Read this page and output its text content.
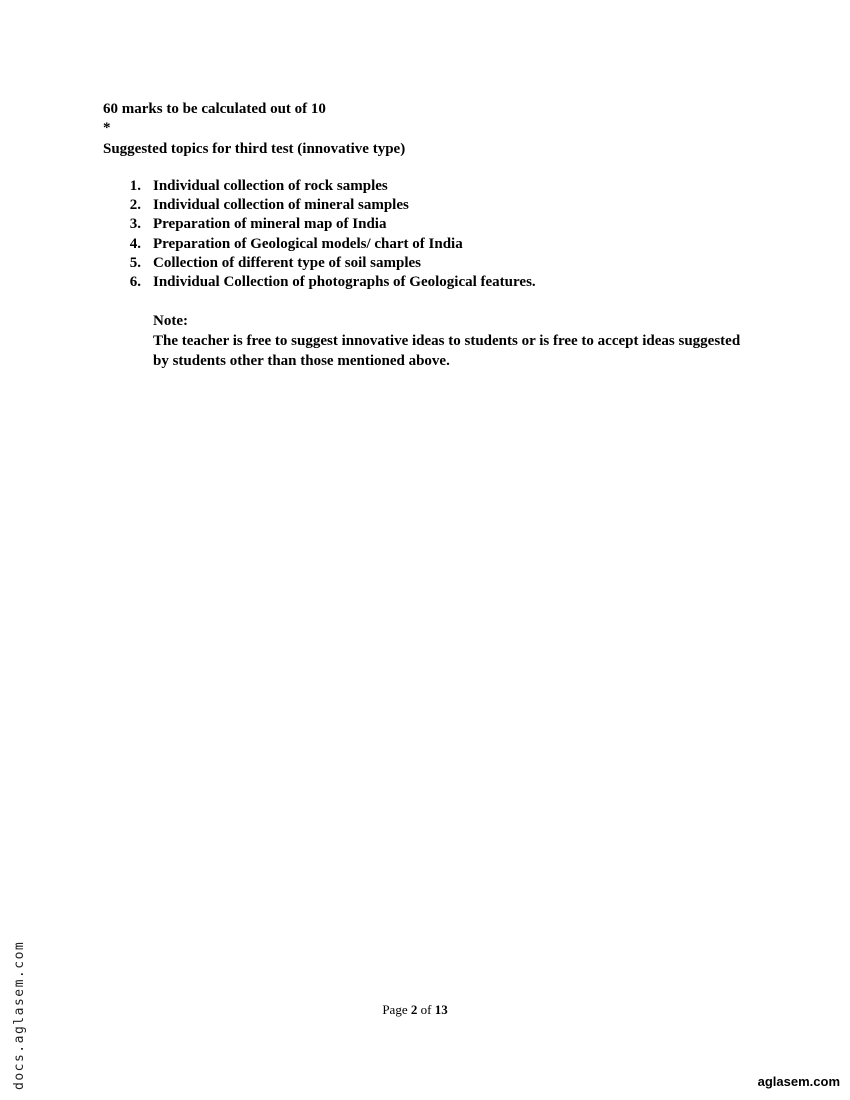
60 marks to be calculated out of 10
*
Suggested topics for third test (innovative type)
1. Individual collection of rock samples
2. Individual collection of mineral samples
3. Preparation of mineral map of India
4. Preparation of Geological models/ chart of India
5. Collection of different type of soil samples
6. Individual Collection of photographs of Geological features.
Note:
The teacher is free to suggest innovative ideas to students or is free to accept ideas suggested by students other than those mentioned above.
Page 2 of 13
docs.aglasem.com	aglasem.com
